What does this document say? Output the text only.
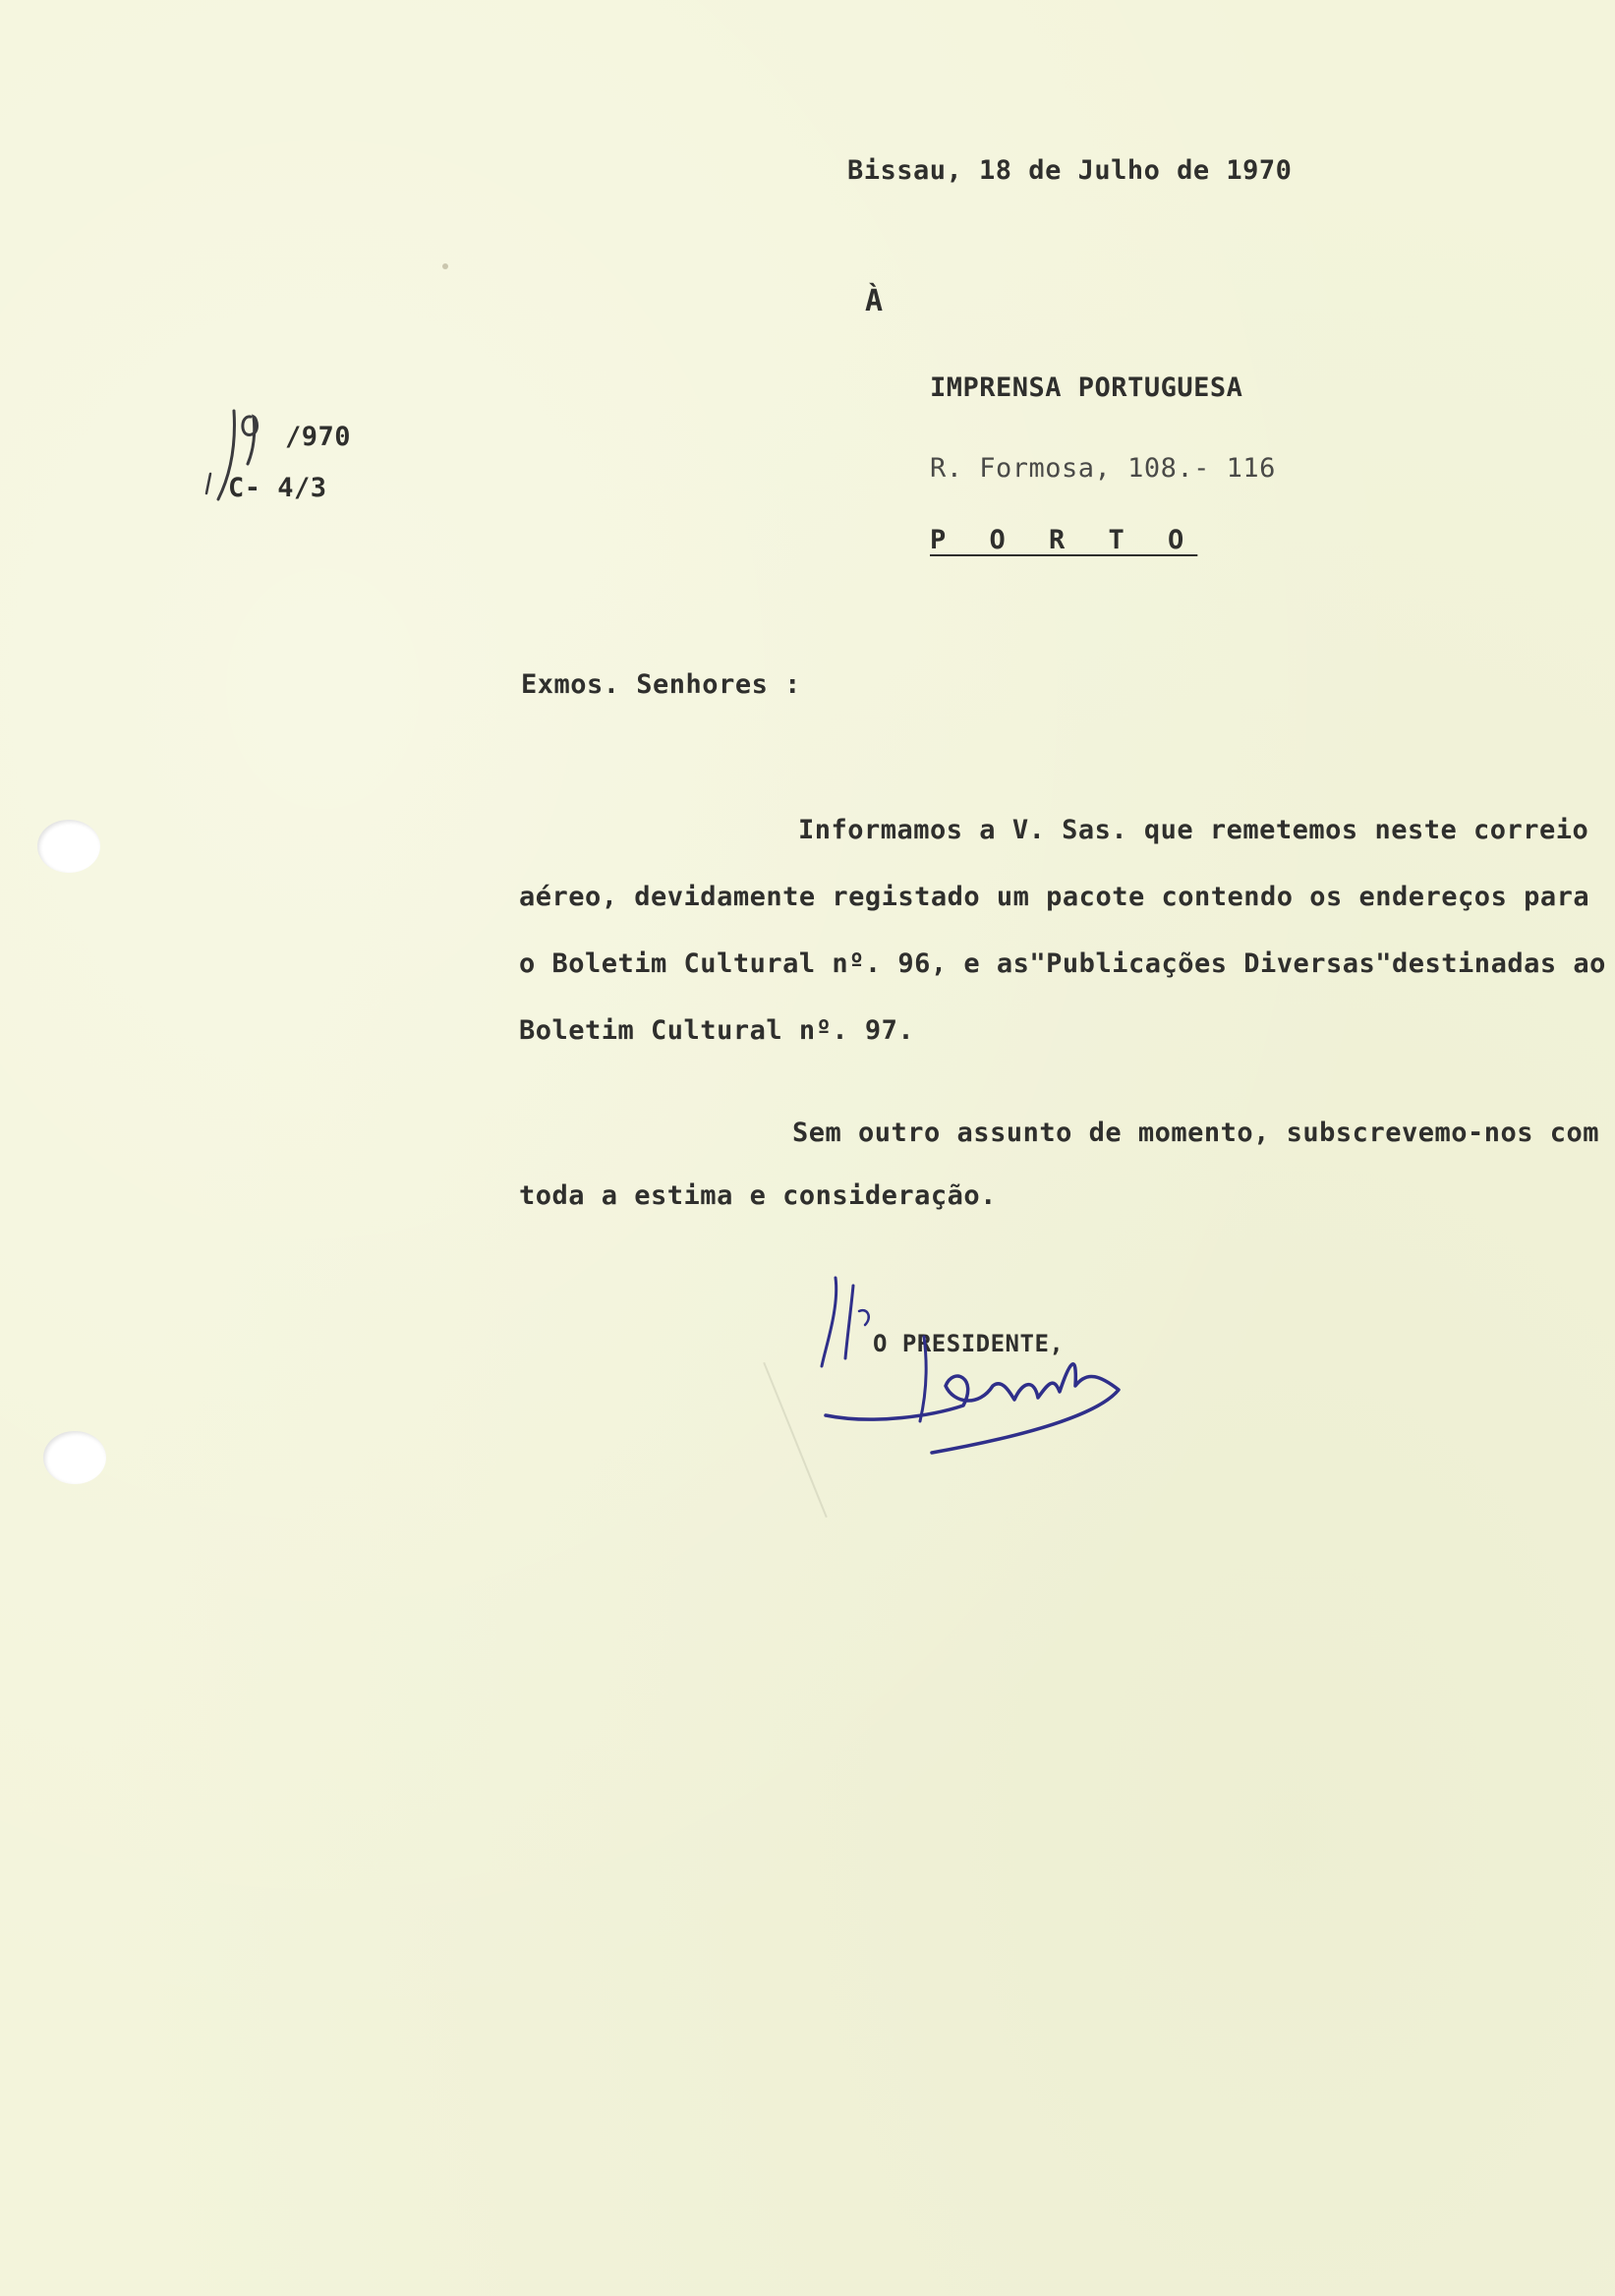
/970
C- 4/3
Bissau, 18 de Julho de 1970
À
IMPRENSA PORTUGUESA
R. Formosa, 108.- 116
P O R T O
Exmos. Senhores :
Informamos a V. Sas. que remetemos neste correio
aéreo, devidamente registado um pacote contendo os endereços para
o Boletim Cultural nº. 96, e as"Publicações Diversas"destinadas ao
Boletim Cultural nº. 97.
Sem outro assunto de momento, subscrevemo-nos com
toda a estima e consideração.
O PRESIDENTE,
